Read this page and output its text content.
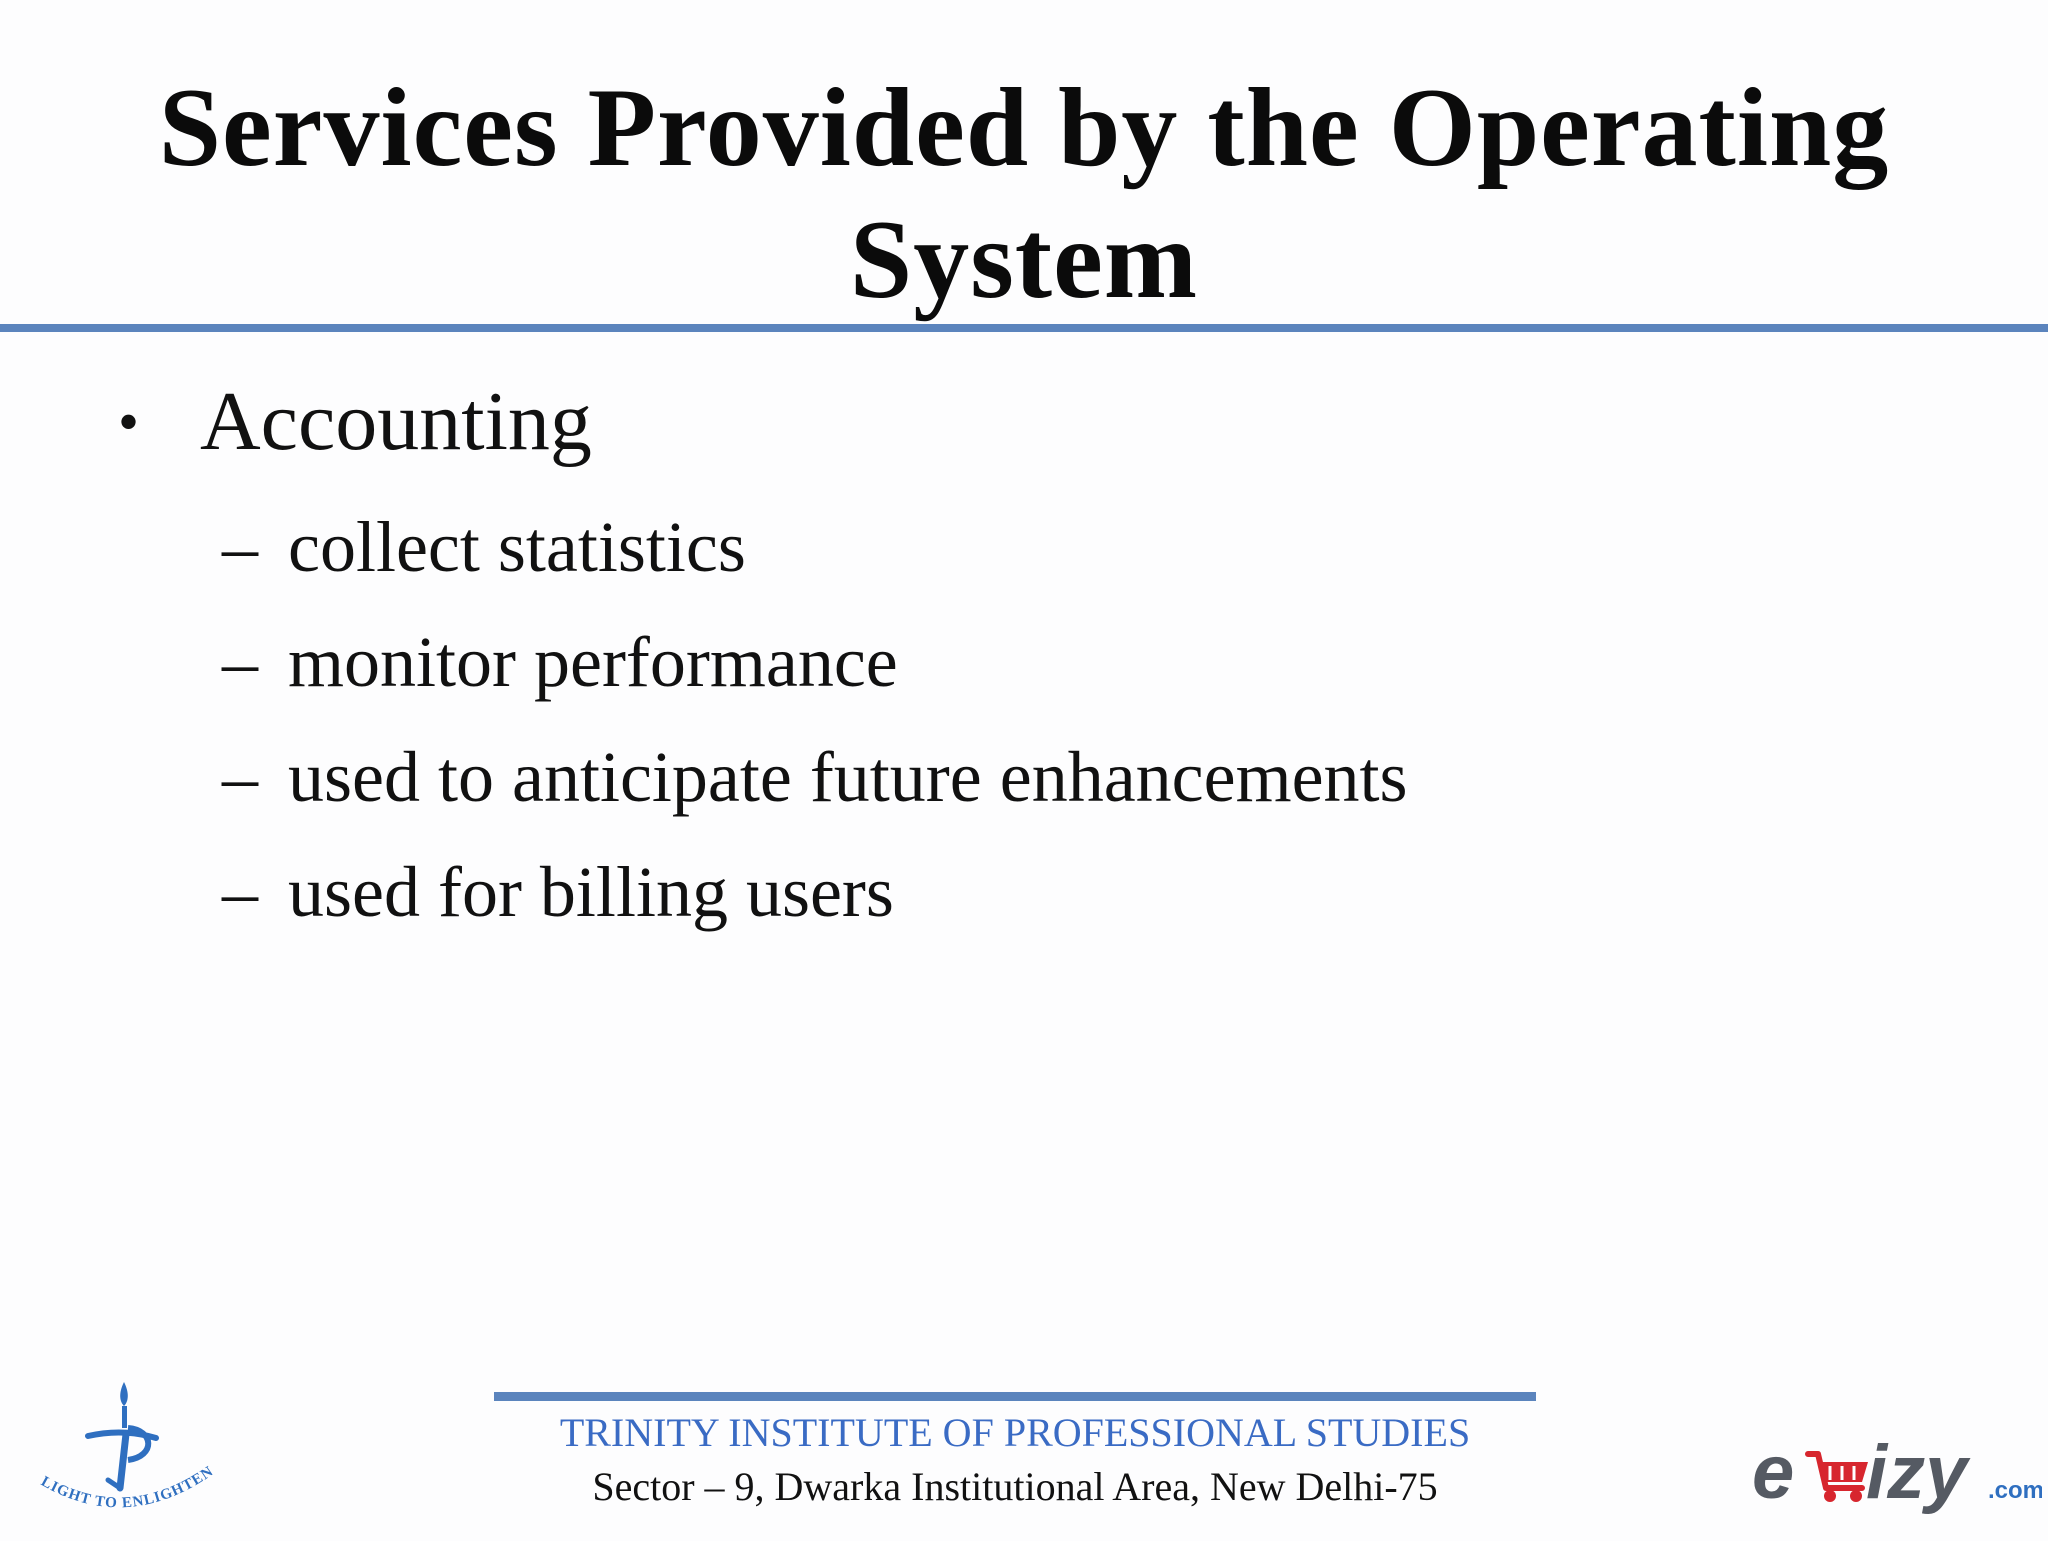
Services Provided by the Operating
System
• Accounting
– collect statistics
– monitor performance
– used to anticipate future enhancements
– used for billing users
LIGHT TO ENLIGHTEN
TRINITY INSTITUTE OF PROFESSIONAL STUDIES
Sector – 9, Dwarka Institutional Area, New Delhi-75	e izy .com
